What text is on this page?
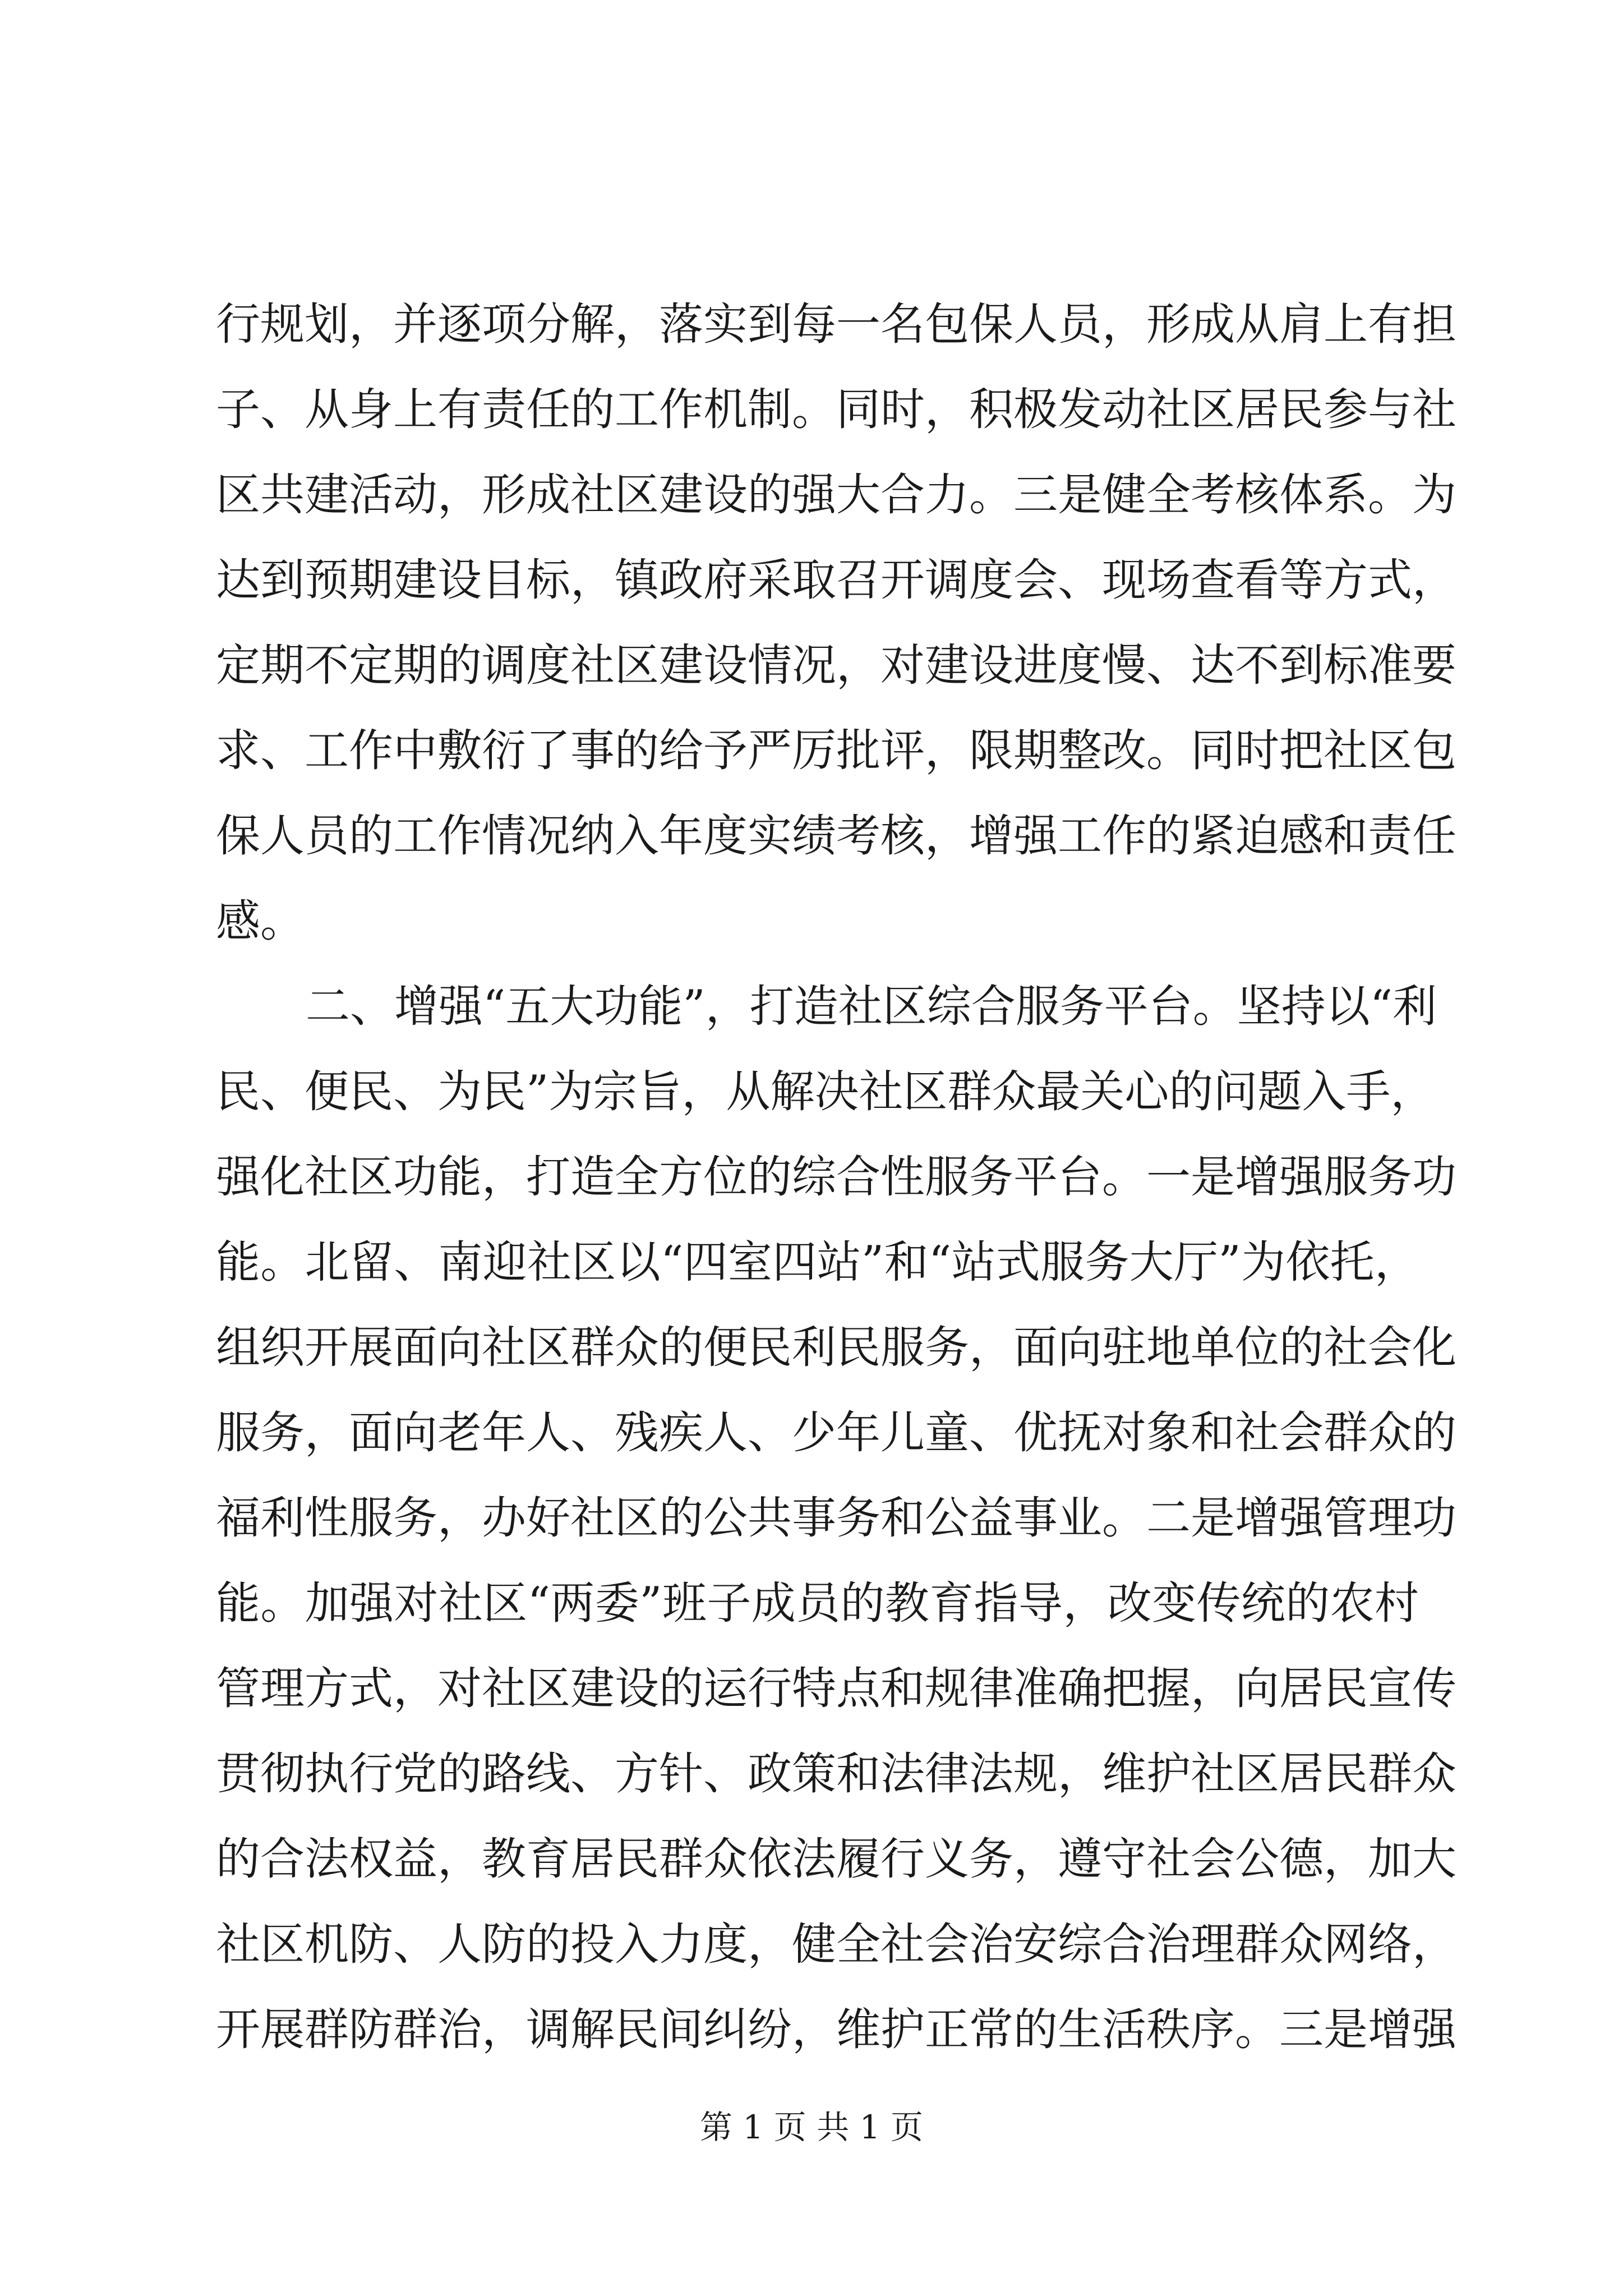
行规划，并逐项分解，落实到每一名包保人员，形成从肩上有担
子、从身上有责任的工作机制。同时，积极发动社区居民参与社
区共建活动，形成社区建设的强大合力。三是健全考核体系。为
达到预期建设目标，镇政府采取召开调度会、现场查看等方式，
定期不定期的调度社区建设情况，对建设进度慢、达不到标准要
求、工作中敷衍了事的给予严厉批评，限期整改。同时把社区包
保人员的工作情况纳入年度实绩考核，增强工作的紧迫感和责任
感。
二、增强“五大功能”，打造社区综合服务平台。坚持以“利
民、便民、为民”为宗旨，从解决社区群众最关心的问题入手，
强化社区功能，打造全方位的综合性服务平台。一是增强服务功
能。北留、南迎社区以“四室四站”和“站式服务大厅”为依托，
组织开展面向社区群众的便民利民服务，面向驻地单位的社会化
服务，面向老年人、残疾人、少年儿童、优抚对象和社会群众的
福利性服务，办好社区的公共事务和公益事业。二是增强管理功
能。加强对社区“两委”班子成员的教育指导，改变传统的农村
管理方式，对社区建设的运行特点和规律准确把握，向居民宣传
贯彻执行党的路线、方针、政策和法律法规，维护社区居民群众
的合法权益，教育居民群众依法履行义务，遵守社会公德，加大
社区机防、人防的投入力度，健全社会治安综合治理群众网络，
开展群防群治，调解民间纠纷，维护正常的生活秩序。三是增强
第 1 页 共 1 页
